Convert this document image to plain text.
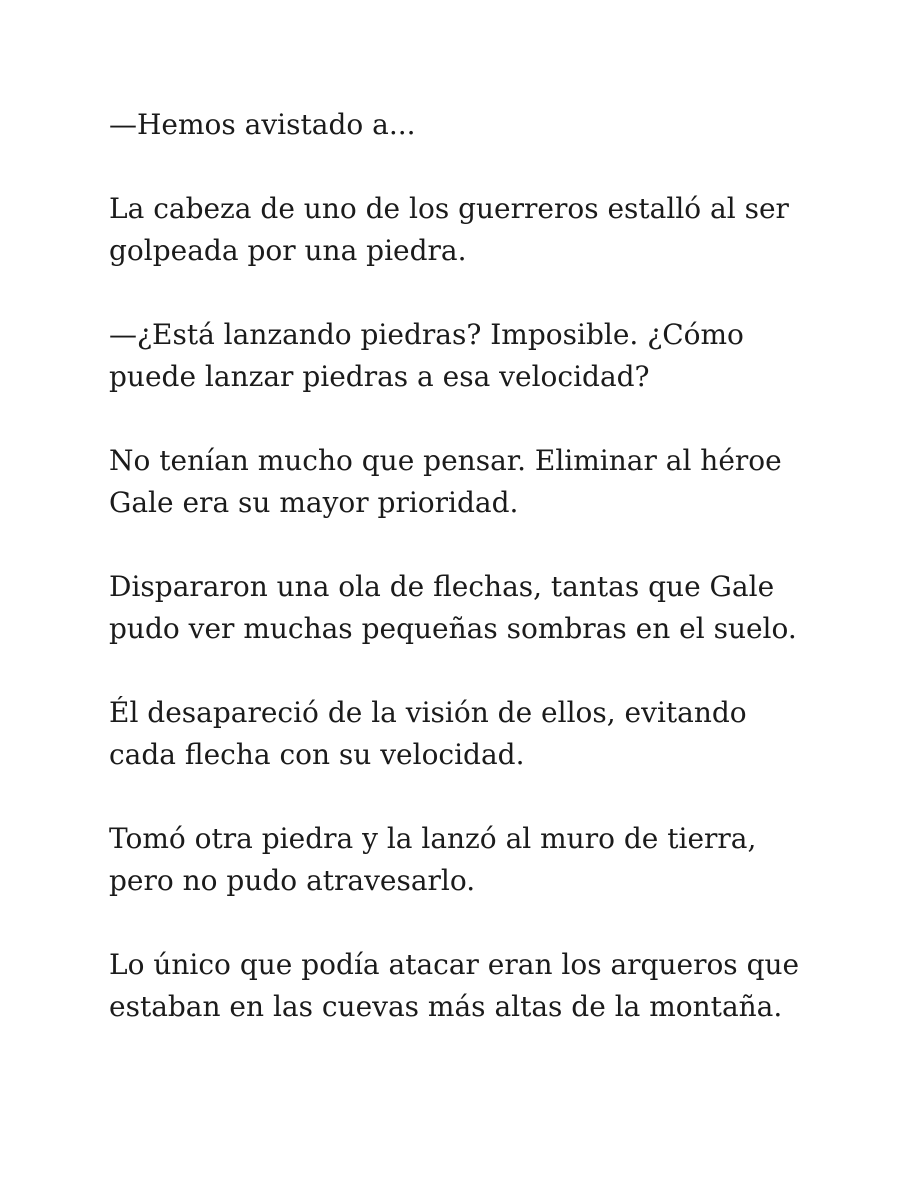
—Hemos avistado a...

La cabeza de uno de los guerreros estalló al ser
golpeada por una piedra.

—¿Está lanzando piedras? Imposible. ¿Cómo
puede lanzar piedras a esa velocidad?

No tenían mucho que pensar. Eliminar al héroe
Gale era su mayor prioridad.

Dispararon una ola de flechas, tantas que Gale
pudo ver muchas pequeñas sombras en el suelo.

Él desapareció de la visión de ellos, evitando
cada flecha con su velocidad.

Tomó otra piedra y la lanzó al muro de tierra,
pero no pudo atravesarlo.

Lo único que podía atacar eran los arqueros que
estaban en las cuevas más altas de la montaña.
